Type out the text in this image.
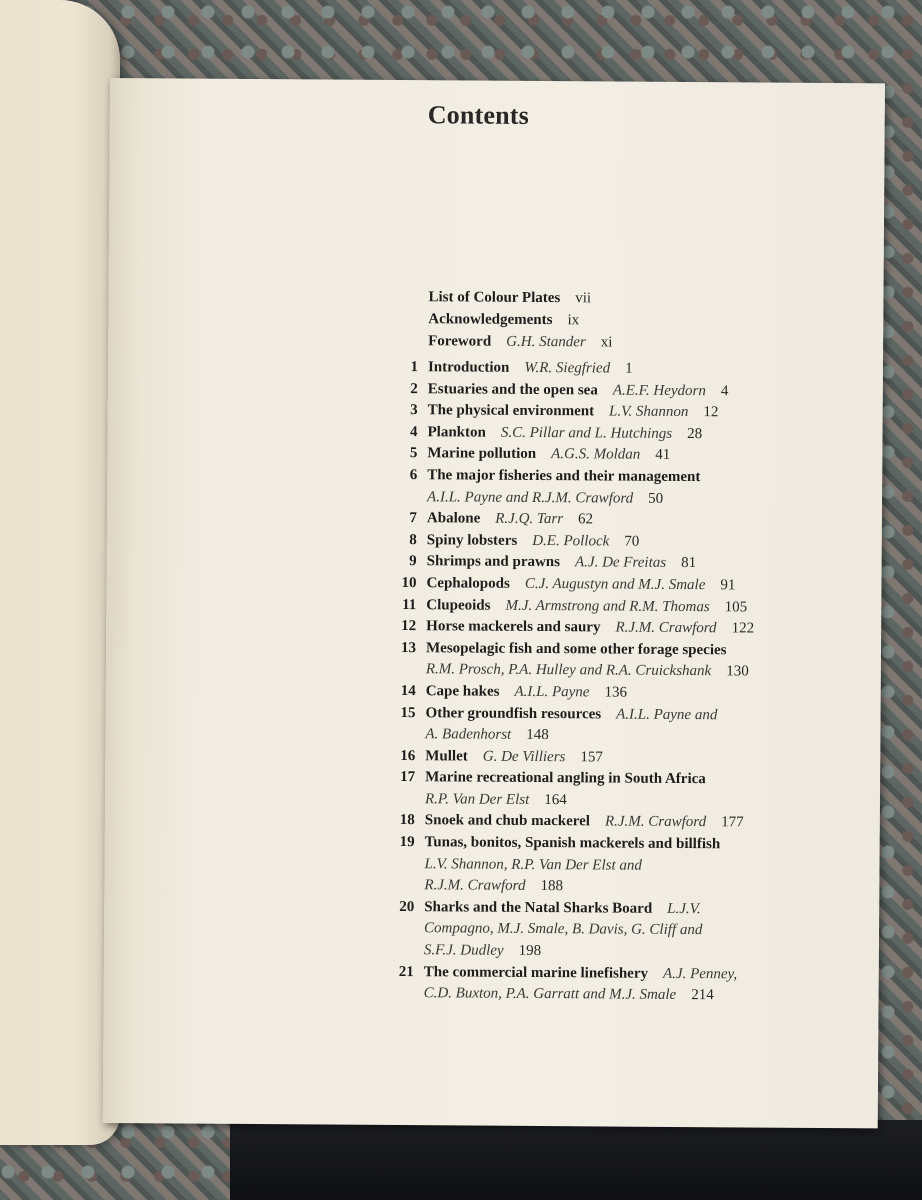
Contents
List of Colour Plates   vii
Acknowledgements   ix
Foreword   G.H. Stander   xi
1 Introduction   W.R. Siegfried   1
2 Estuaries and the open sea   A.E.F. Heydorn   4
3 The physical environment   L.V. Shannon   12
4 Plankton   S.C. Pillar and L. Hutchings   28
5 Marine pollution   A.G.S. Moldan   41
6 The major fisheries and their management
A.I.L. Payne and R.J.M. Crawford   50
7 Abalone   R.J.Q. Tarr   62
8 Spiny lobsters   D.E. Pollock   70
9 Shrimps and prawns   A.J. De Freitas   81
10 Cephalopods   C.J. Augustyn and M.J. Smale   91
11 Clupeoids   M.J. Armstrong and R.M. Thomas   105
12 Horse mackerels and saury   R.J.M. Crawford   122
13 Mesopelagic fish and some other forage species
R.M. Prosch, P.A. Hulley and R.A. Cruickshank   130
14 Cape hakes   A.I.L. Payne   136
15 Other groundfish resources   A.I.L. Payne and
A. Badenhorst   148
16 Mullet   G. De Villiers   157
17 Marine recreational angling in South Africa
R.P. Van Der Elst   164
18 Snoek and chub mackerel   R.J.M. Crawford   177
19 Tunas, bonitos, Spanish mackerels and billfish
L.V. Shannon, R.P. Van Der Elst and
R.J.M. Crawford   188
20 Sharks and the Natal Sharks Board   L.J.V.
Compagno, M.J. Smale, B. Davis, G. Cliff and
S.F.J. Dudley   198
21 The commercial marine linefishery   A.J. Penney,
C.D. Buxton, P.A. Garratt and M.J. Smale   214
